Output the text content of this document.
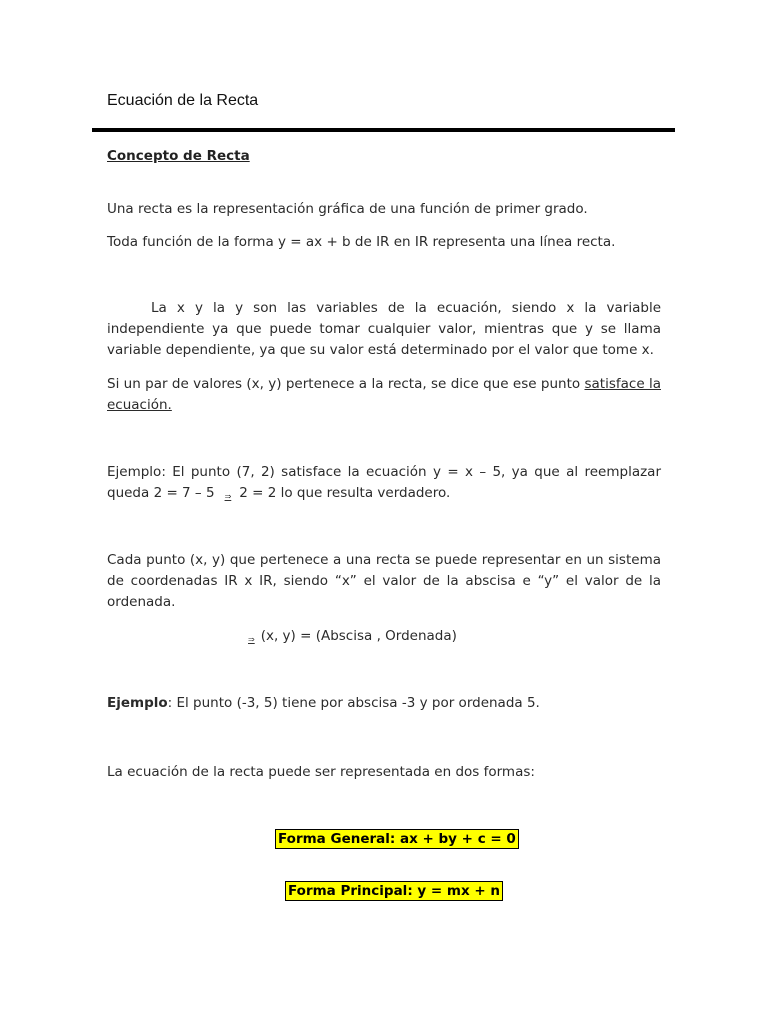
Ecuación de la Recta
Concepto de Recta

Una recta es la representación gráfica de una función de primer grado.

Toda función de la forma y = ax + b de IR en IR representa una línea recta.

La x y la y son las variables de la ecuación, siendo x la variable independiente ya que puede tomar cualquier valor, mientras que y se llama variable dependiente, ya que su valor está determinado por el valor que tome x.

Si un par de valores (x, y) pertenece a la recta, se dice que ese punto satisface la ecuación.

Ejemplo: El punto (7, 2) satisface la ecuación y = x – 5, ya que al reemplazar queda 2 = 7 – 5 ⇒ 2 = 2 lo que resulta verdadero.

Cada punto (x, y) que pertenece a una recta se puede representar en un sistema de coordenadas IR x IR, siendo “x” el valor de la abscisa e “y” el valor de la ordenada.

⇒ (x, y) = (Abscisa , Ordenada)

Ejemplo: El punto (-3, 5) tiene por abscisa -3 y por ordenada 5.

La ecuación de la recta puede ser representada en dos formas:

Forma General: ax + by + c = 0
Forma Principal: y = mx + n
